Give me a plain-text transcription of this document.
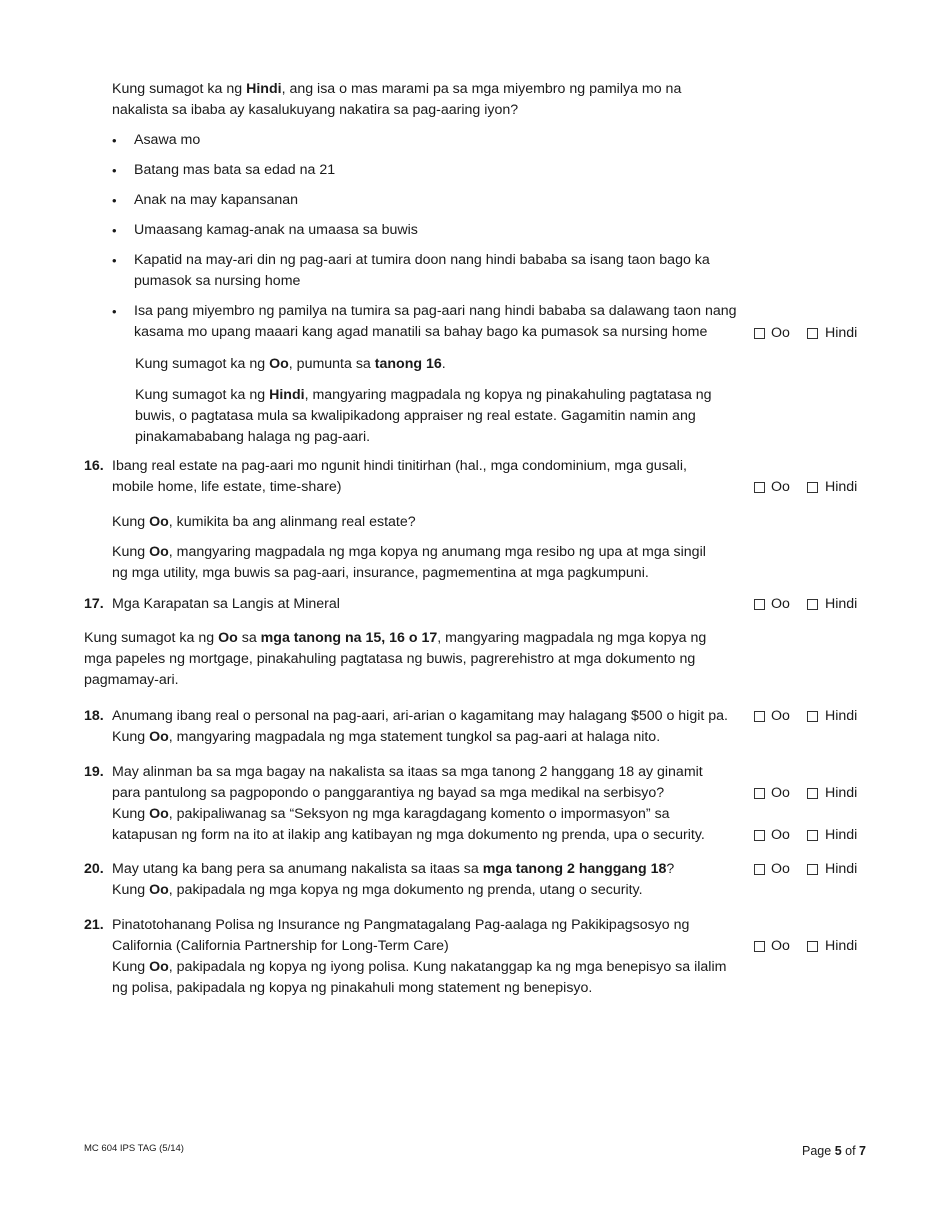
Kung sumagot ka ng Hindi, ang isa o mas marami pa sa mga miyembro ng pamilya mo na nakalista sa ibaba ay kasalukuyang nakatira sa pag-aaring iyon?
• Asawa mo
• Batang mas bata sa edad na 21
• Anak na may kapansanan
• Umaasang kamag-anak na umaasa sa buwis
• Kapatid na may-ari din ng pag-aari at tumira doon nang hindi bababa sa isang taon bago ka pumasok sa nursing home
• Isa pang miyembro ng pamilya na tumira sa pag-aari nang hindi bababa sa dalawang taon nang kasama mo upang maaari kang agad manatili sa bahay bago ka pumasok sa nursing home	Oo Hindi
Kung sumagot ka ng Oo, pumunta sa tanong 16.
Kung sumagot ka ng Hindi, mangyaring magpadala ng kopya ng pinakahuling pagtatasa ng buwis, o pagtatasa mula sa kwalipikadong appraiser ng real estate. Gagamitin namin ang pinakamababang halaga ng pag-aari.
16. Ibang real estate na pag-aari mo ngunit hindi tinitirhan (hal., mga condominium, mga gusali, mobile home, life estate, time-share)	Oo Hindi
Kung Oo, kumikita ba ang alinmang real estate?
Kung Oo, mangyaring magpadala ng mga kopya ng anumang mga resibo ng upa at mga singil ng mga utility, mga buwis sa pag-aari, insurance, pagmementina at mga pagkumpuni.
17. Mga Karapatan sa Langis at Mineral	Oo Hindi
Kung sumagot ka ng Oo sa mga tanong na 15, 16 o 17, mangyaring magpadala ng mga kopya ng mga papeles ng mortgage, pinakahuling pagtatasa ng buwis, pagrerehistro at mga dokumento ng pagmamay-ari.
18. Anumang ibang real o personal na pag-aari, ari-arian o kagamitang may halagang $500 o higit pa.
Kung Oo, mangyaring magpadala ng mga statement tungkol sa pag-aari at halaga nito.
Oo Hindi
19. May alinman ba sa mga bagay na nakalista sa itaas sa mga tanong 2 hanggang 18 ay ginamit para pantulong sa pagpopondo o panggarantiya ng bayad sa mga medikal na serbisyo?
Kung Oo, pakipaliwanag sa “Seksyon ng mga karagdagang komento o impormasyon” sa katapusan ng form na ito at ilakip ang katibayan ng mga dokumento ng prenda, upa o security.
Oo Hindi
Oo Hindi
20. May utang ka bang pera sa anumang nakalista sa itaas sa mga tanong 2 hanggang 18?
Kung Oo, pakipadala ng mga kopya ng mga dokumento ng prenda, utang o security.
Oo Hindi
21. Pinatotohanang Polisa ng Insurance ng Pangmatagalang Pag-aalaga ng Pakikipagsosyo ng California (California Partnership for Long-Term Care)
Kung Oo, pakipadala ng kopya ng iyong polisa. Kung nakatanggap ka ng mga benepisyo sa ilalim ng polisa, pakipadala ng kopya ng pinakahuli mong statement ng benepisyo.
Oo Hindi
MC 604 IPS TAG (5/14)	Page 5 of 7
